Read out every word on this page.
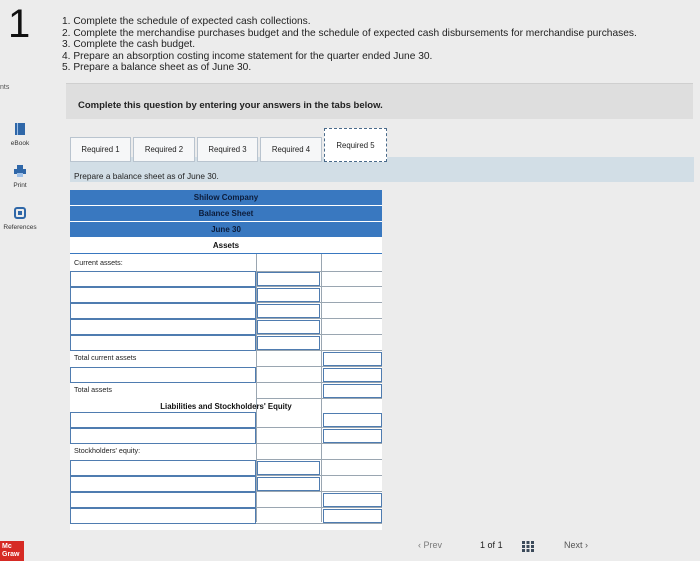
1	1. Complete the schedule of expected cash collections.
2. Complete the merchandise purchases budget and the schedule of expected cash disbursements for merchandise purchases.
3. Complete the cash budget.
4. Prepare an absorption costing income statement for the quarter ended June 30.
5. Prepare a balance sheet as of June 30.
nts
eBook
Print
References
Complete this question by entering your answers in the tabs below.
Required 1	Required 2	Required 3	Required 4	Required 5
Prepare a balance sheet as of June 30.
Shilow Company
Balance Sheet
June 30
Assets
Current assets:
Total current assets
Total assets
Liabilities and Stockholders' Equity
Stockholders' equity:
Mc Graw
‹ Prev	1 of 1	Next ›
